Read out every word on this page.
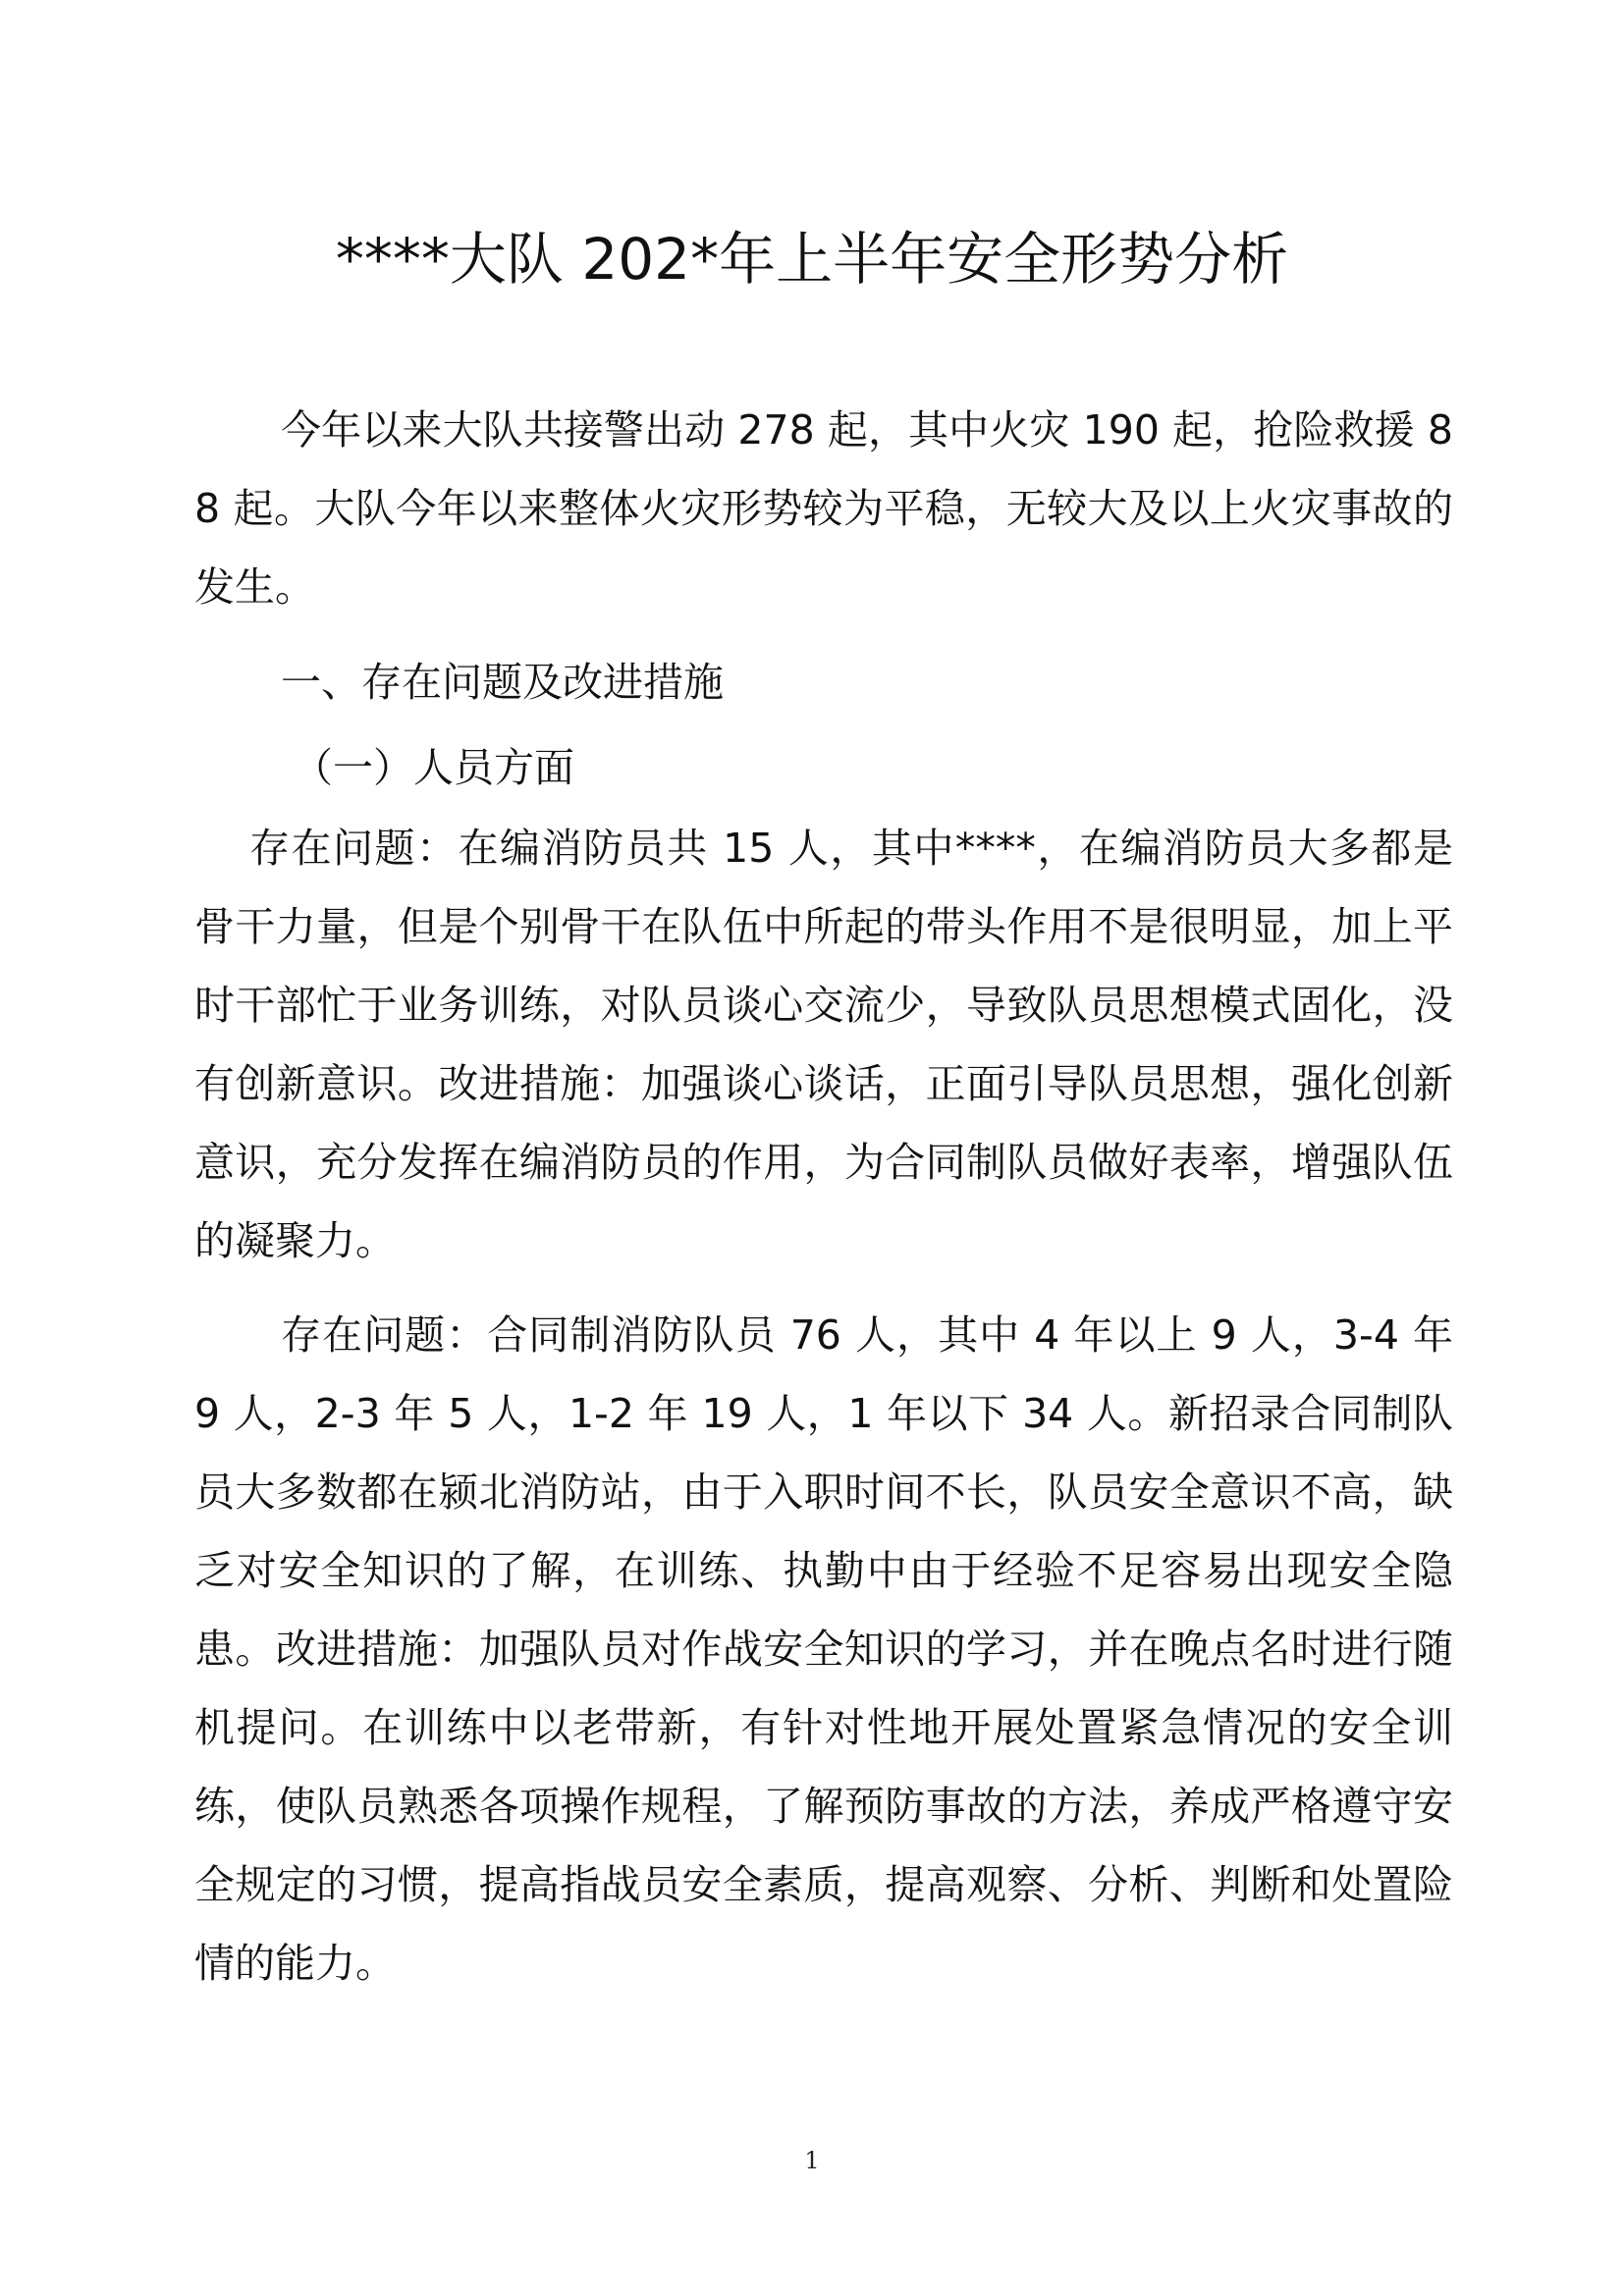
****大队 202*年上半年安全形势分析

今年以来大队共接警出动 278 起，其中火灾 190 起，抢险救援 88 起。大队今年以来整体火灾形势较为平稳，无较大及以上火灾事故的发生。

一、存在问题及改进措施

（一）人员方面

存在问题：在编消防员共 15 人，其中****，在编消防员大多都是骨干力量，但是个别骨干在队伍中所起的带头作用不是很明显，加上平时干部忙于业务训练，对队员谈心交流少，导致队员思想模式固化，没有创新意识。改进措施：加强谈心谈话，正面引导队员思想，强化创新意识，充分发挥在编消防员的作用，为合同制队员做好表率，增强队伍的凝聚力。

存在问题：合同制消防队员 76 人，其中 4 年以上 9 人，3-4 年 9 人，2-3 年 5 人，1-2 年 19 人，1 年以下 34 人。新招录合同制队员大多数都在颍北消防站，由于入职时间不长，队员安全意识不高，缺乏对安全知识的了解，在训练、执勤中由于经验不足容易出现安全隐患。改进措施：加强队员对作战安全知识的学习，并在晚点名时进行随机提问。在训练中以老带新，有针对性地开展处置紧急情况的安全训练，使队员熟悉各项操作规程，了解预防事故的方法，养成严格遵守安全规定的习惯，提高指战员安全素质，提高观察、分析、判断和处置险情的能力。

1
